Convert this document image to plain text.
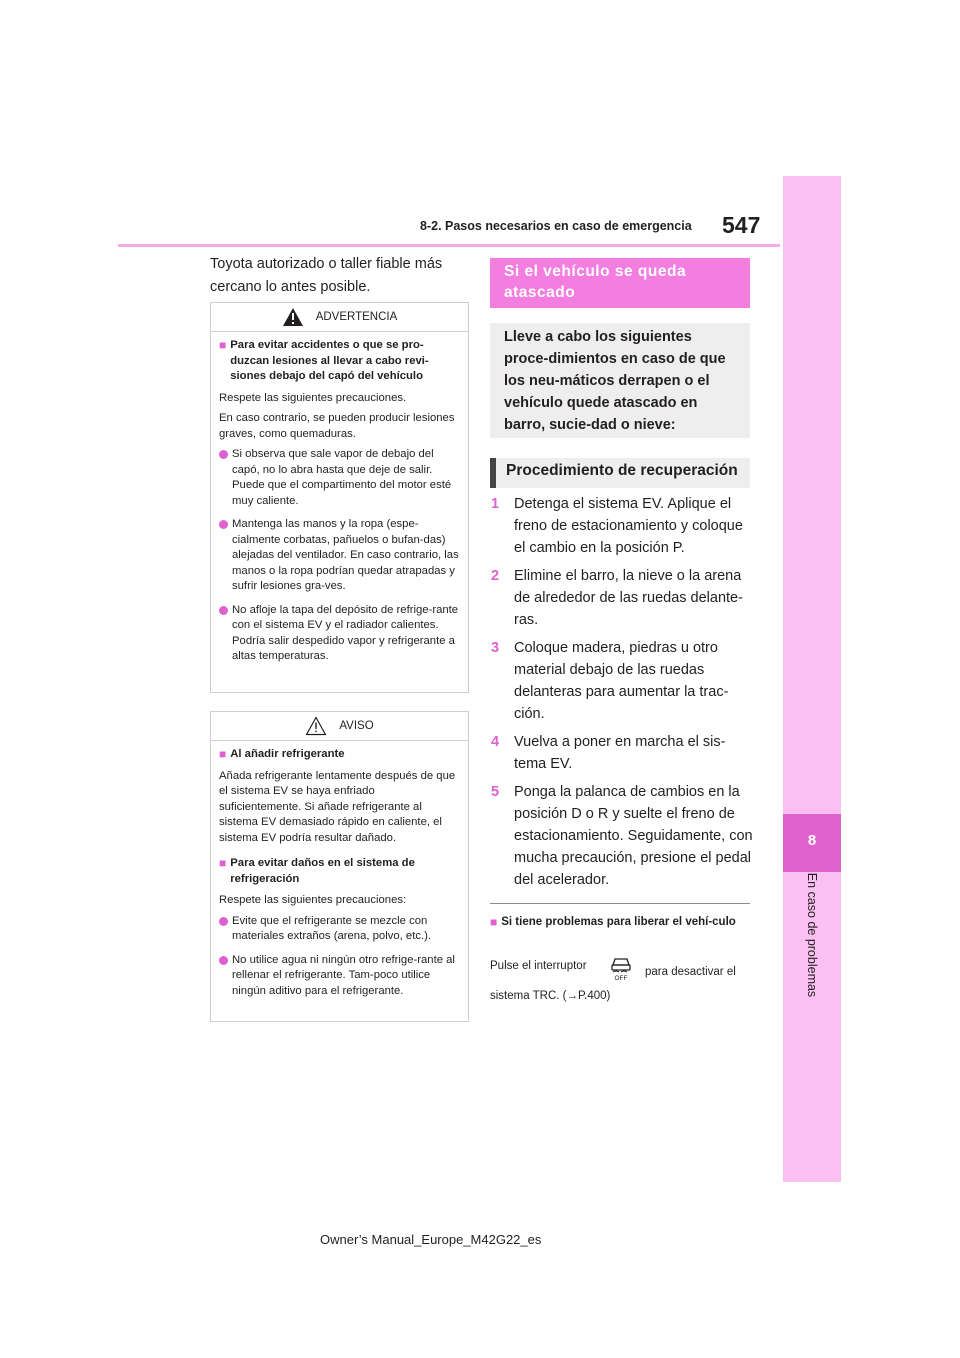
547
8-2. Pasos necesarios en caso de emergencia
8
En caso de problemas
Toyota autorizado o taller fiable más cercano lo antes posible.
ADVERTENCIA
■ Para evitar accidentes o que se pro-duzcan lesiones al llevar a cabo revi-siones debajo del capó del vehículo

Respete las siguientes precauciones.

En caso contrario, se pueden producir lesiones graves, como quemaduras.

Si observa que sale vapor de debajo del capó, no lo abra hasta que deje de salir. Puede que el compartimento del motor esté muy caliente.
Mantenga las manos y la ropa (espe-cialmente corbatas, pañuelos o bufan-das) alejadas del ventilador. En caso contrario, las manos o la ropa podrían quedar atrapadas y sufrir lesiones gra-ves.
No afloje la tapa del depósito de refrige-rante con el sistema EV y el radiador calientes. Podría salir despedido vapor y refrigerante a altas temperaturas.
AVISO
■ Al añadir refrigerante

Añada refrigerante lentamente después de que el sistema EV se haya enfriado suficientemente. Si añade refrigerante al sistema EV demasiado rápido en caliente, el sistema EV podría resultar dañado.

■ Para evitar daños en el sistema de refrigeración

Respete las siguientes precauciones:

Evite que el refrigerante se mezcle con materiales extraños (arena, polvo, etc.).
No utilice agua ni ningún otro refrige-rante al rellenar el refrigerante. Tam-poco utilice ningún aditivo para el refrigerante.
Si el vehículo se queda atascado
Lleve a cabo los siguientes proce-dimientos en caso de que los neu-máticos derrapen o el vehículo quede atascado en barro, sucie-dad o nieve:
Procedimiento de recuperación
1	Detenga el sistema EV. Aplique el freno de estacionamiento y coloque el cambio en la posición P.
2	Elimine el barro, la nieve o la arena de alrededor de las ruedas delante-ras.
3	Coloque madera, piedras u otro material debajo de las ruedas delanteras para aumentar la trac-ción.
4	Vuelva a poner en marcha el sis-tema EV.
5	Ponga la palanca de cambios en la posición D o R y suelte el freno de estacionamiento. Seguidamente, con mucha precaución, presione el pedal del acelerador.
■ Si tiene problemas para liberar el vehí-culo
Pulse el interruptor
OFF
para desactivar el
sistema TRC. (→P.400)
Owner’s Manual_Europe_M42G22_es
